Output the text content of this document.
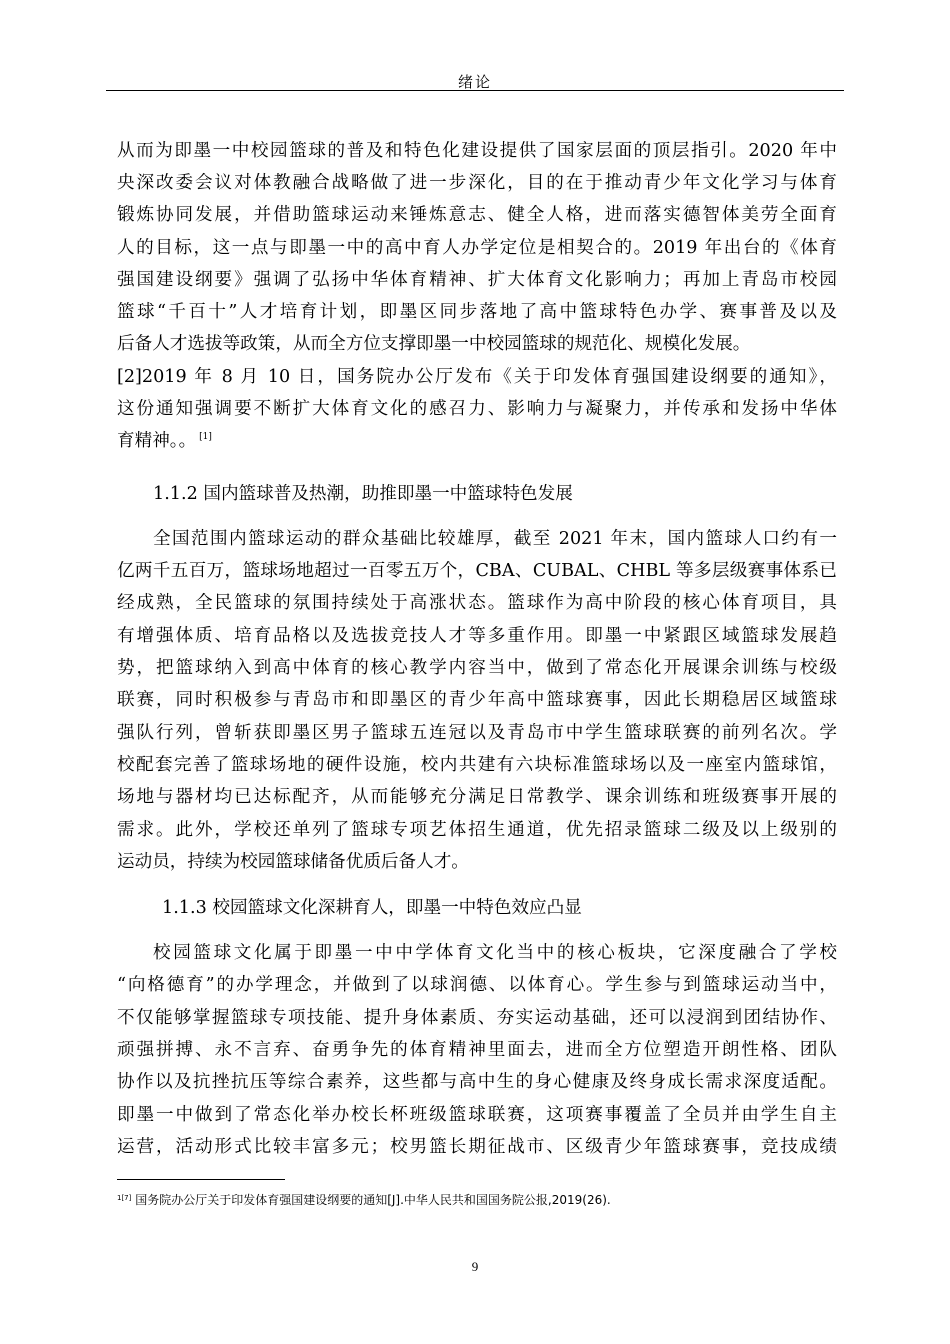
绪论
从而为即墨一中校园篮球的普及和特色化建设提供了国家层面的顶层指引。2020 年中
央深改委会议对体教融合战略做了进一步深化，目的在于推动青少年文化学习与体育
锻炼协同发展，并借助篮球运动来锤炼意志、健全人格，进而落实德智体美劳全面育
人的目标，这一点与即墨一中的高中育人办学定位是相契合的。2019 年出台的《体育
强国建设纲要》强调了弘扬中华体育精神、扩大体育文化影响力；再加上青岛市校园
篮球“千百十”人才培育计划，即墨区同步落地了高中篮球特色办学、赛事普及以及
后备人才选拔等政策，从而全方位支撑即墨一中校园篮球的规范化、规模化发展。
[2]2019 年 8 月 10 日，国务院办公厅发布《关于印发体育强国建设纲要的通知》，
这份通知强调要不断扩大体育文化的感召力、影响力与凝聚力，并传承和发扬中华体
育精神。。 [1]
1.1.2 国内篮球普及热潮，助推即墨一中篮球特色发展
全国范围内篮球运动的群众基础比较雄厚，截至 2021 年末，国内篮球人口约有一
亿两千五百万，篮球场地超过一百零五万个，CBA、CUBAL、CHBL 等多层级赛事体系已
经成熟，全民篮球的氛围持续处于高涨状态。篮球作为高中阶段的核心体育项目，具
有增强体质、培育品格以及选拔竞技人才等多重作用。即墨一中紧跟区域篮球发展趋
势，把篮球纳入到高中体育的核心教学内容当中，做到了常态化开展课余训练与校级
联赛，同时积极参与青岛市和即墨区的青少年高中篮球赛事，因此长期稳居区域篮球
强队行列，曾斩获即墨区男子篮球五连冠以及青岛市中学生篮球联赛的前列名次。学
校配套完善了篮球场地的硬件设施，校内共建有六块标准篮球场以及一座室内篮球馆，
场地与器材均已达标配齐，从而能够充分满足日常教学、课余训练和班级赛事开展的
需求。此外，学校还单列了篮球专项艺体招生通道，优先招录篮球二级及以上级别的
运动员，持续为校园篮球储备优质后备人才。
1.1.3 校园篮球文化深耕育人，即墨一中特色效应凸显
校园篮球文化属于即墨一中中学体育文化当中的核心板块，它深度融合了学校
“向格德育”的办学理念，并做到了以球润德、以体育心。学生参与到篮球运动当中，
不仅能够掌握篮球专项技能、提升身体素质、夯实运动基础，还可以浸润到团结协作、
顽强拼搏、永不言弃、奋勇争先的体育精神里面去，进而全方位塑造开朗性格、团队
协作以及抗挫抗压等综合素养，这些都与高中生的身心健康及终身成长需求深度适配。
即墨一中做到了常态化举办校长杯班级篮球联赛，这项赛事覆盖了全员并由学生自主
运营，活动形式比较丰富多元；校男篮长期征战市、区级青少年篮球赛事，竞技成绩
$^{1[7]}$ 国务院办公厅关于印发体育强国建设纲要的通知[J].中华人民共和国国务院公报,2019(26).
9
